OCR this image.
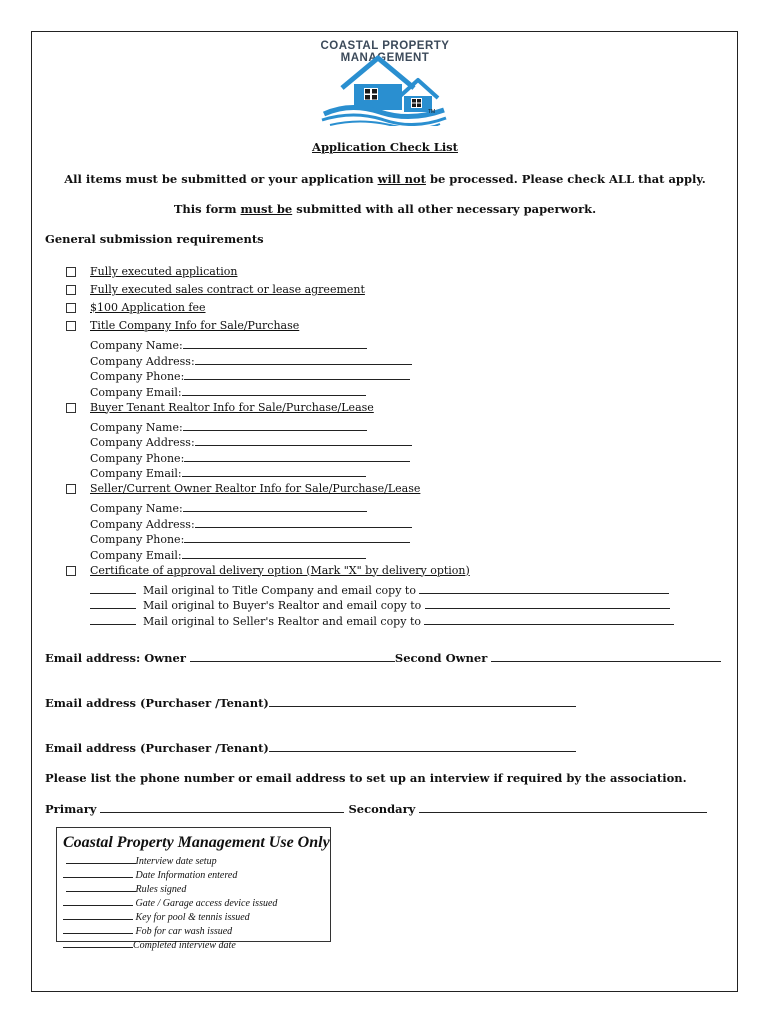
COASTAL PROPERTY MANAGEMENT
TM
Application Check List
All items must be submitted or your application will not be processed. Please check ALL that apply.
This form must be submitted with all other necessary paperwork.
General submission requirements
Fully executed application
Fully executed sales contract or lease agreement
$100 Application fee
Title Company Info for Sale/Purchase
Company Name:
Company Address:
Company Phone:
Company Email:
Buyer Tenant Realtor Info for Sale/Purchase/Lease
Company Name:
Company Address:
Company Phone:
Company Email:
Seller/Current Owner Realtor Info for Sale/Purchase/Lease
Company Name:
Company Address:
Company Phone:
Company Email:
Certificate of approval delivery option (Mark "X" by delivery option)
Mail original to Title Company and email copy to
Mail original to Buyer's Realtor and email copy to
Mail original to Seller's Realtor and email copy to
Email address: Owner	Second Owner
Email address (Purchaser /Tenant)
Email address (Purchaser /Tenant)
Please list the phone number or email address to set up an interview if required by the association.
Primary	Secondary
Coastal Property Management Use Only
Interview date setup
Date Information entered
Rules signed
Gate / Garage access device issued
Key for pool & tennis issued
Fob for car wash issued
Completed interview date
